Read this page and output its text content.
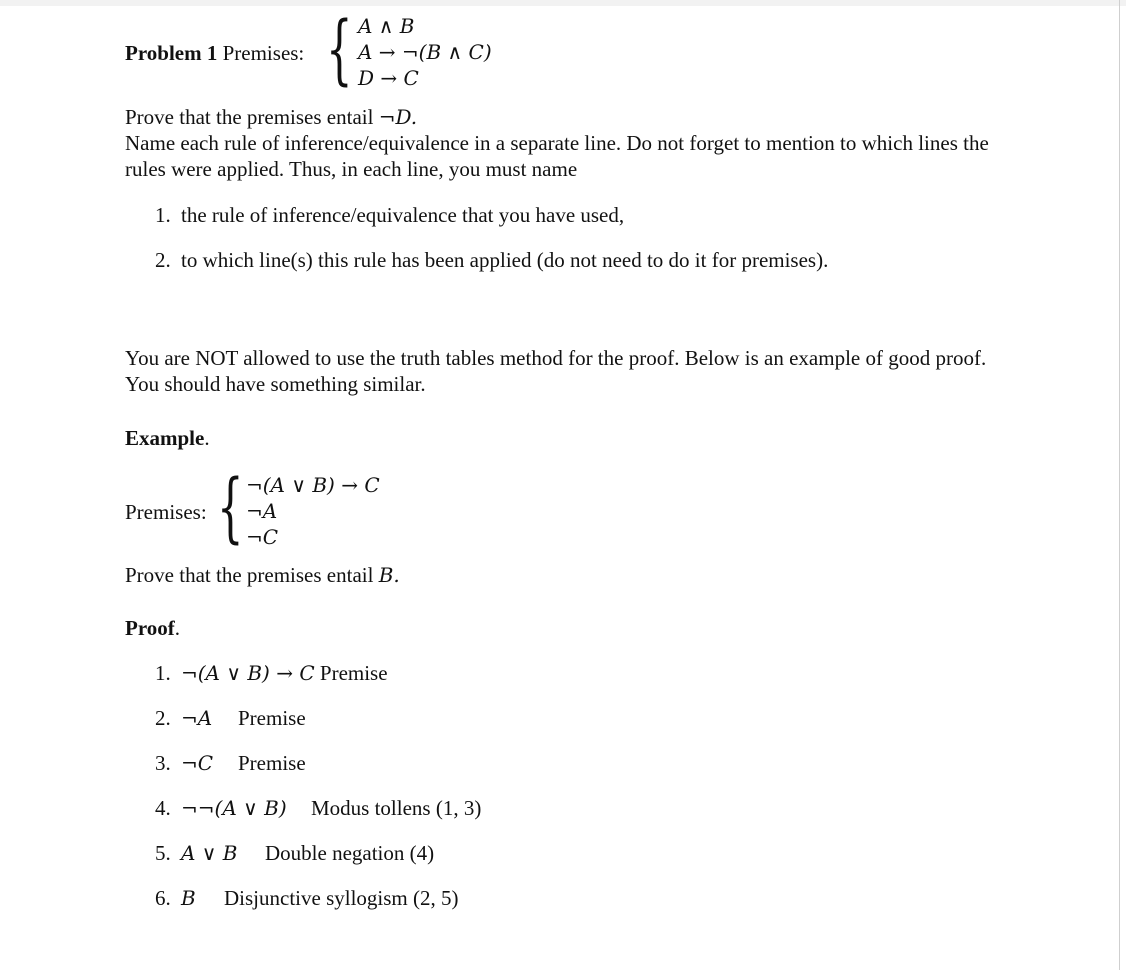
Problem 1 Premises: { A ∧ B
A → ¬(B ∧ C)
D → C
Prove that the premises entail ¬D.
Name each rule of inference/equivalence in a separate line. Do not forget to mention to which lines the rules were applied. Thus, in each line, you must name
1. the rule of inference/equivalence that you have used,
2. to which line(s) this rule has been applied (do not need to do it for premises).
You are NOT allowed to use the truth tables method for the proof. Below is an example of good proof. You should have something similar.
Example.
Premises: { ¬(A ∨ B) → C
¬A
¬C
Prove that the premises entail B.
Proof.
1. ¬(A ∨ B) → C Premise
2. ¬A Premise
3. ¬C Premise
4. ¬¬(A ∨ B) Modus tollens (1, 3)
5. A ∨ B Double negation (4)
6. B Disjunctive syllogism (2, 5)
